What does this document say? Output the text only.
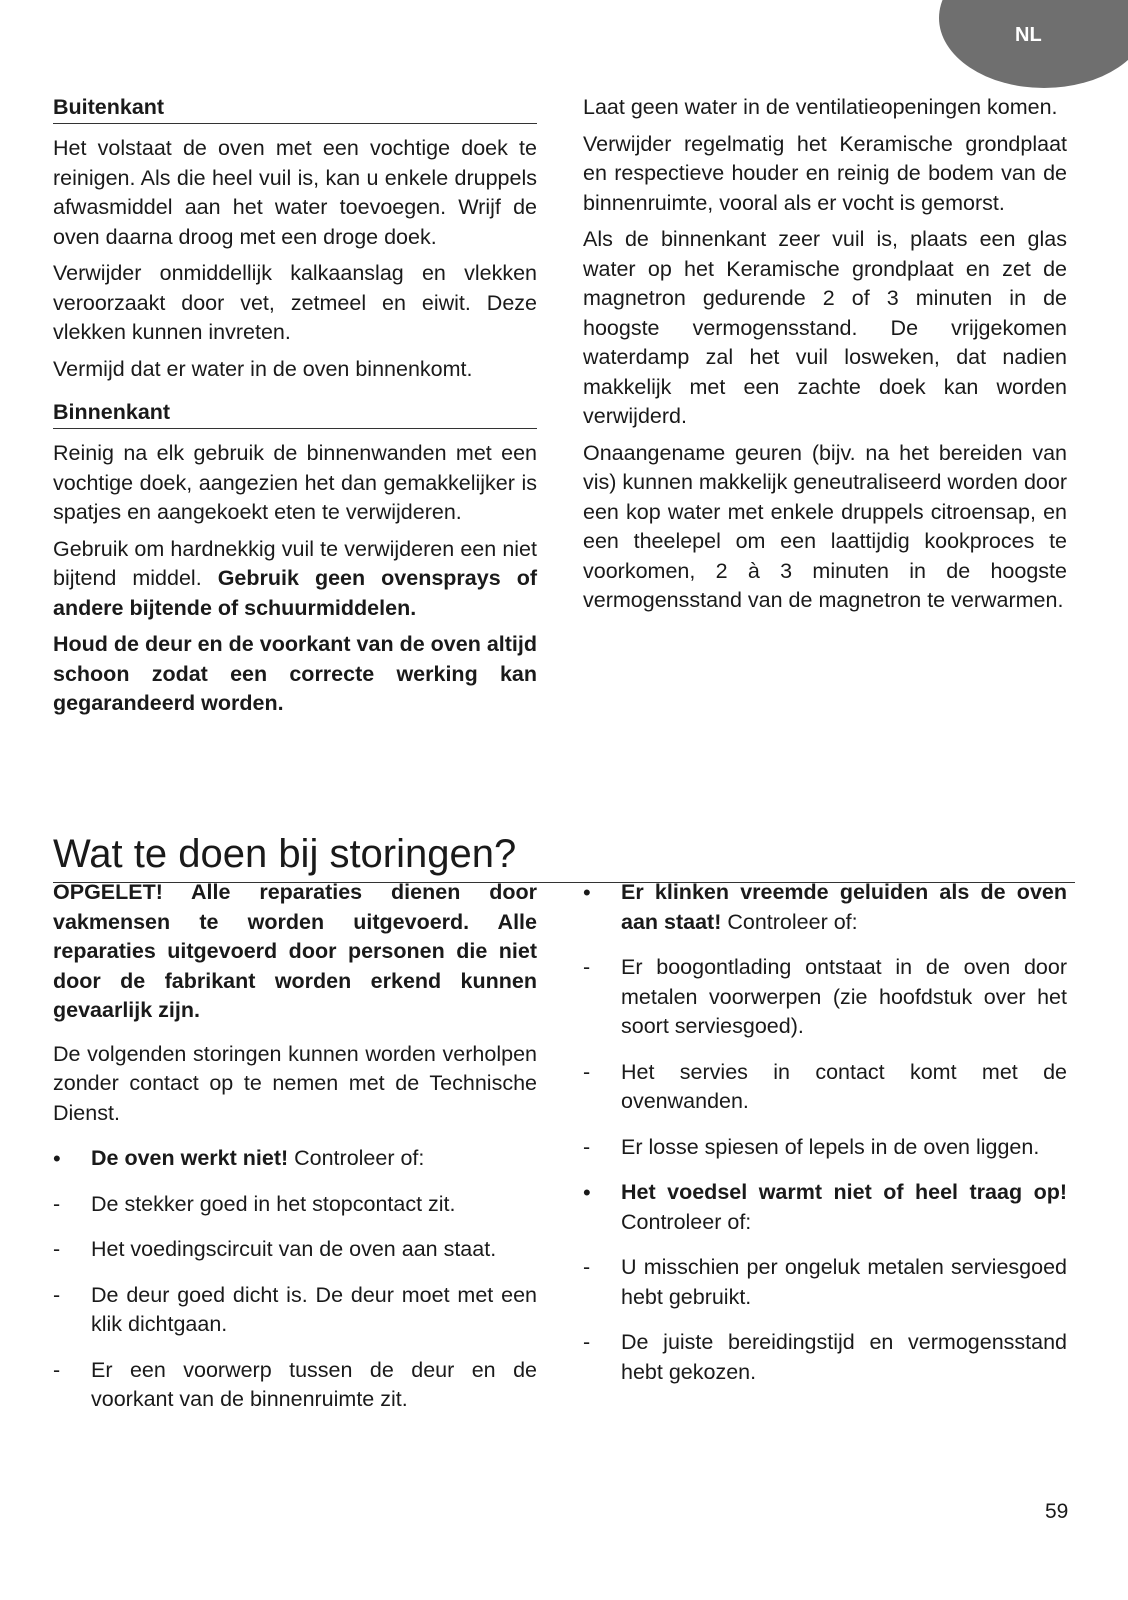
NL
Buitenkant

Het volstaat de oven met een vochtige doek te reinigen. Als die heel vuil is, kan u enkele druppels afwasmiddel aan het water toevoegen. Wrijf de oven daarna droog met een droge doek.

Verwijder onmiddellijk kalkaanslag en vlekken veroorzaakt door vet, zetmeel en eiwit. Deze vlekken kunnen invreten.

Vermijd dat er water in de oven binnenkomt.

Binnenkant

Reinig na elk gebruik de binnenwanden met een vochtige doek, aangezien het dan gemakkelijker is spatjes en aangekoekt eten te verwijderen.

Gebruik om hardnekkig vuil te verwijderen een niet bijtend middel. Gebruik geen ovensprays of andere bijtende of schuurmiddelen.

Houd de deur en de voorkant van de oven altijd schoon zodat een correcte werking kan gegarandeerd worden.

Laat geen water in de ventilatieopeningen komen.

Verwijder regelmatig het Keramische grondplaat en respectieve houder en reinig de bodem van de binnenruimte, vooral als er vocht is gemorst.

Als de binnenkant zeer vuil is, plaats een glas water op het Keramische grondplaat en zet de magnetron gedurende 2 of 3 minuten in de hoogste vermogensstand. De vrijgekomen waterdamp zal het vuil losweken, dat nadien makkelijk met een zachte doek kan worden verwijderd.

Onaangename geuren (bijv. na het bereiden van vis) kunnen makkelijk geneutraliseerd worden door een kop water met enkele druppels citroensap, en een theelepel om een laattijdig kookproces te voorkomen, 2 à 3 minuten in de hoogste vermogensstand van de magnetron te verwarmen.

Wat te doen bij storingen?

OPGELET! Alle reparaties dienen door vakmensen te worden uitgevoerd. Alle reparaties uitgevoerd door personen die niet door de fabrikant worden erkend kunnen gevaarlijk zijn.

De volgenden storingen kunnen worden verholpen zonder contact op te nemen met de Technische Dienst.

•	De oven werkt niet! Controleer of:
-	De stekker goed in het stopcontact zit.
-	Het voedingscircuit van de oven aan staat.
-	De deur goed dicht is. De deur moet met een klik dichtgaan.
-	Er een voorwerp tussen de deur en de voorkant van de binnenruimte zit.
•	Er klinken vreemde geluiden als de oven aan staat! Controleer of:
-	Er boogontlading ontstaat in de oven door metalen voorwerpen (zie hoofdstuk over het soort serviesgoed).
-	Het servies in contact komt met de ovenwanden.
-	Er losse spiesen of lepels in de oven liggen.
•	Het voedsel warmt niet of heel traag op! Controleer of:
-	U misschien per ongeluk metalen serviesgoed hebt gebruikt.
-	De juiste bereidingstijd en vermogensstand hebt gekozen.
59
